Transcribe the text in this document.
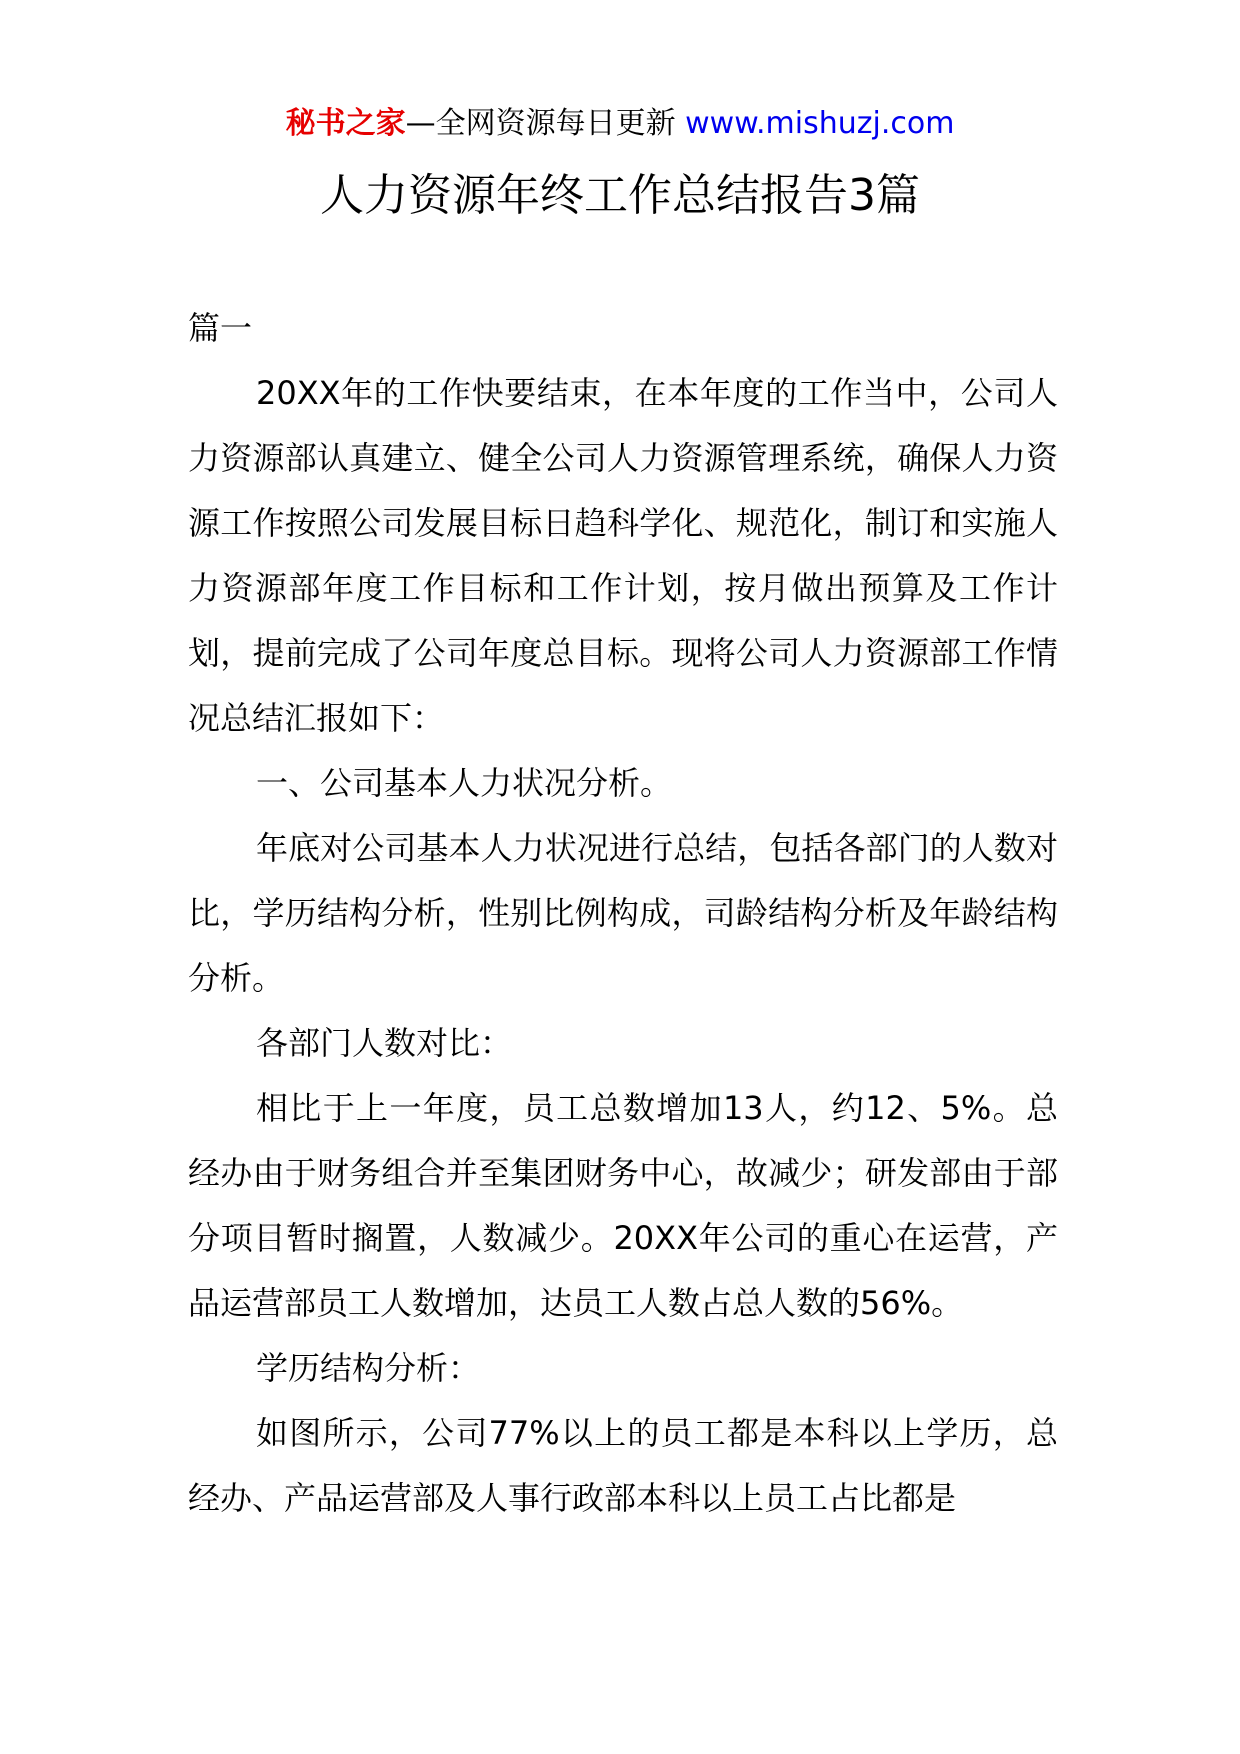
秘书之家—全网资源每日更新 www.mishuzj.com
人力资源年终工作总结报告3篇

篇一

20XX年的工作快要结束，在本年度的工作当中，公司人力资源部认真建立、健全公司人力资源管理系统，确保人力资源工作按照公司发展目标日趋科学化、规范化，制订和实施人力资源部年度工作目标和工作计划，按月做出预算及工作计划，提前完成了公司年度总目标。现将公司人力资源部工作情况总结汇报如下：

一、公司基本人力状况分析。

年底对公司基本人力状况进行总结，包括各部门的人数对比，学历结构分析，性别比例构成，司龄结构分析及年龄结构分析。

各部门人数对比：

相比于上一年度，员工总数增加13人，约12、5%。总经办由于财务组合并至集团财务中心，故减少；研发部由于部分项目暂时搁置，人数减少。20XX年公司的重心在运营，产品运营部员工人数增加，达员工人数占总人数的56%。

学历结构分析：

如图所示，公司77%以上的员工都是本科以上学历，总经办、产品运营部及人事行政部本科以上员工占比都是
